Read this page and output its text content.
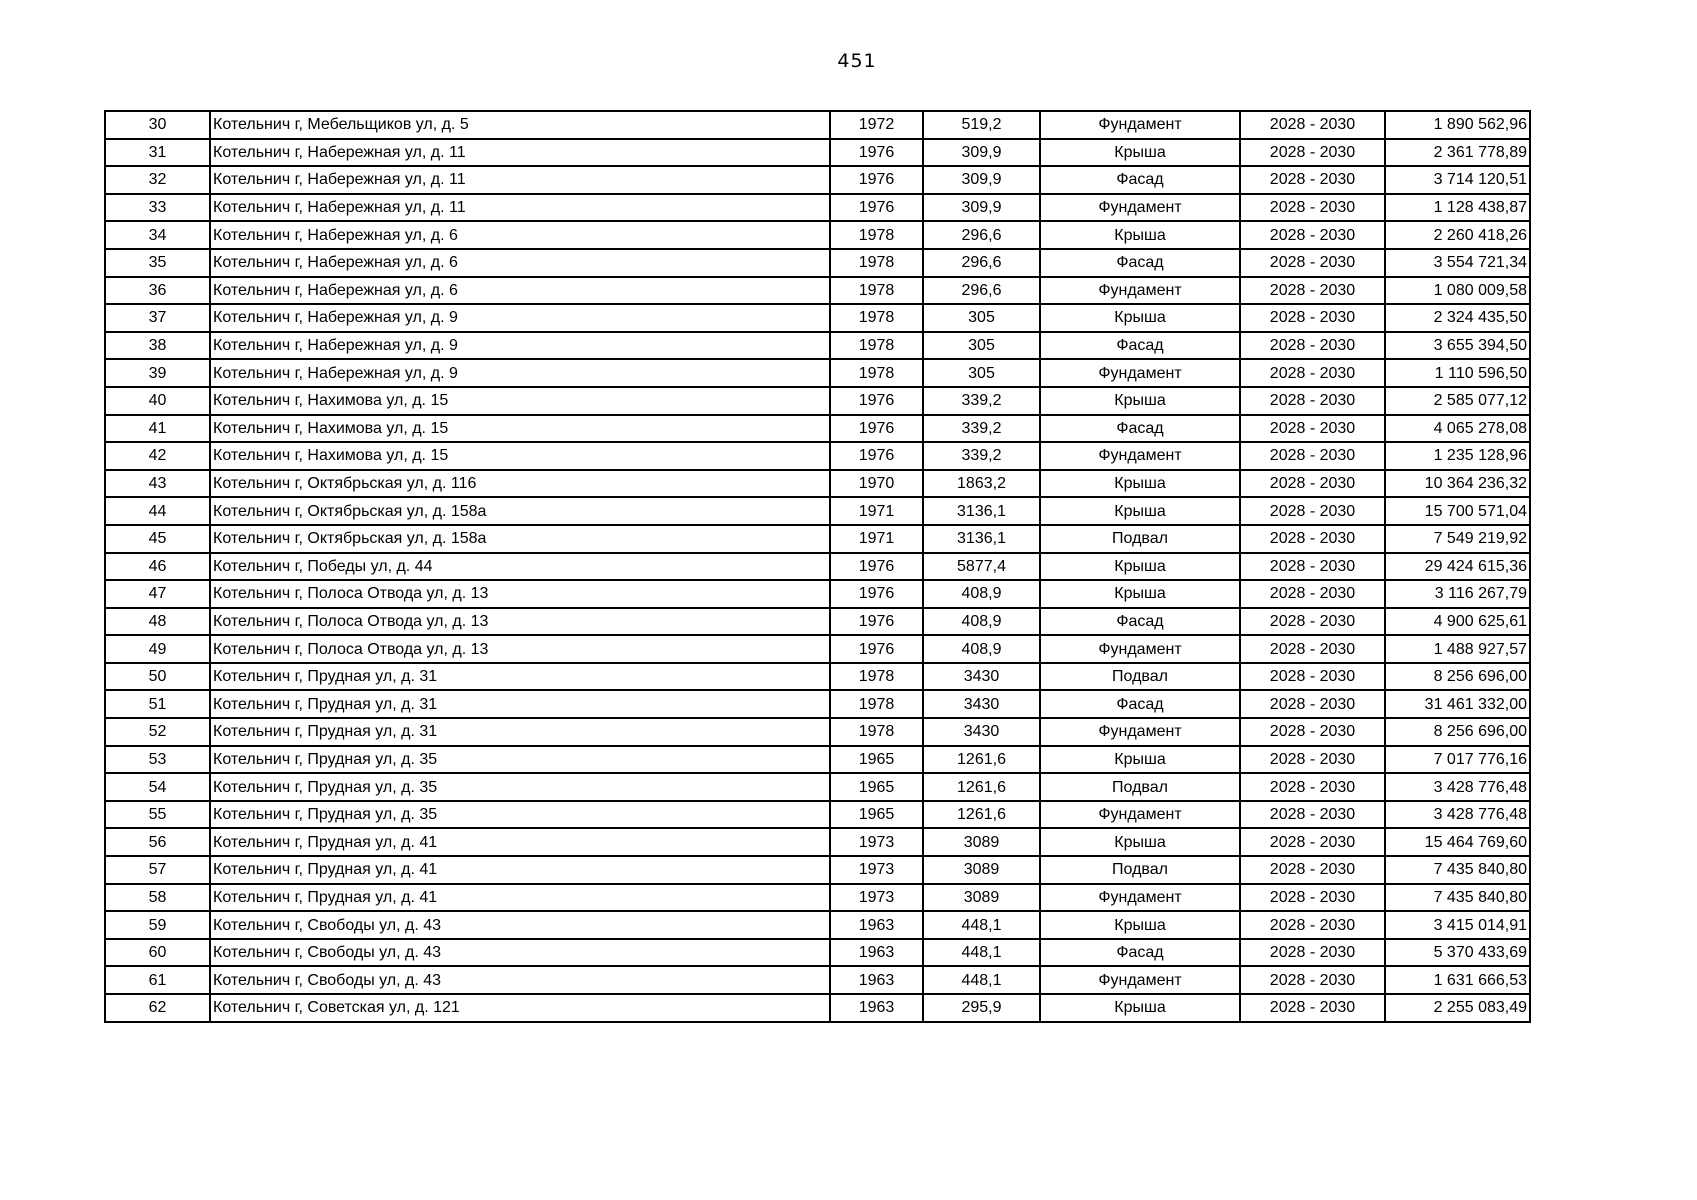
451
30	Котельнич г, Мебельщиков ул, д. 5	1972	519,2	Фундамент	2028 - 2030	1 890 562,96
31	Котельнич г, Набережная ул, д. 11	1976	309,9	Крыша	2028 - 2030	2 361 778,89
32	Котельнич г, Набережная ул, д. 11	1976	309,9	Фасад	2028 - 2030	3 714 120,51
33	Котельнич г, Набережная ул, д. 11	1976	309,9	Фундамент	2028 - 2030	1 128 438,87
34	Котельнич г, Набережная ул, д. 6	1978	296,6	Крыша	2028 - 2030	2 260 418,26
35	Котельнич г, Набережная ул, д. 6	1978	296,6	Фасад	2028 - 2030	3 554 721,34
36	Котельнич г, Набережная ул, д. 6	1978	296,6	Фундамент	2028 - 2030	1 080 009,58
37	Котельнич г, Набережная ул, д. 9	1978	305	Крыша	2028 - 2030	2 324 435,50
38	Котельнич г, Набережная ул, д. 9	1978	305	Фасад	2028 - 2030	3 655 394,50
39	Котельнич г, Набережная ул, д. 9	1978	305	Фундамент	2028 - 2030	1 110 596,50
40	Котельнич г, Нахимова ул, д. 15	1976	339,2	Крыша	2028 - 2030	2 585 077,12
41	Котельнич г, Нахимова ул, д. 15	1976	339,2	Фасад	2028 - 2030	4 065 278,08
42	Котельнич г, Нахимова ул, д. 15	1976	339,2	Фундамент	2028 - 2030	1 235 128,96
43	Котельнич г, Октябрьская ул, д. 116	1970	1863,2	Крыша	2028 - 2030	10 364 236,32
44	Котельнич г, Октябрьская ул, д. 158а	1971	3136,1	Крыша	2028 - 2030	15 700 571,04
45	Котельнич г, Октябрьская ул, д. 158а	1971	3136,1	Подвал	2028 - 2030	7 549 219,92
46	Котельнич г, Победы ул, д. 44	1976	5877,4	Крыша	2028 - 2030	29 424 615,36
47	Котельнич г, Полоса Отвода ул, д. 13	1976	408,9	Крыша	2028 - 2030	3 116 267,79
48	Котельнич г, Полоса Отвода ул, д. 13	1976	408,9	Фасад	2028 - 2030	4 900 625,61
49	Котельнич г, Полоса Отвода ул, д. 13	1976	408,9	Фундамент	2028 - 2030	1 488 927,57
50	Котельнич г, Прудная ул, д. 31	1978	3430	Подвал	2028 - 2030	8 256 696,00
51	Котельнич г, Прудная ул, д. 31	1978	3430	Фасад	2028 - 2030	31 461 332,00
52	Котельнич г, Прудная ул, д. 31	1978	3430	Фундамент	2028 - 2030	8 256 696,00
53	Котельнич г, Прудная ул, д. 35	1965	1261,6	Крыша	2028 - 2030	7 017 776,16
54	Котельнич г, Прудная ул, д. 35	1965	1261,6	Подвал	2028 - 2030	3 428 776,48
55	Котельнич г, Прудная ул, д. 35	1965	1261,6	Фундамент	2028 - 2030	3 428 776,48
56	Котельнич г, Прудная ул, д. 41	1973	3089	Крыша	2028 - 2030	15 464 769,60
57	Котельнич г, Прудная ул, д. 41	1973	3089	Подвал	2028 - 2030	7 435 840,80
58	Котельнич г, Прудная ул, д. 41	1973	3089	Фундамент	2028 - 2030	7 435 840,80
59	Котельнич г, Свободы ул, д. 43	1963	448,1	Крыша	2028 - 2030	3 415 014,91
60	Котельнич г, Свободы ул, д. 43	1963	448,1	Фасад	2028 - 2030	5 370 433,69
61	Котельнич г, Свободы ул, д. 43	1963	448,1	Фундамент	2028 - 2030	1 631 666,53
62	Котельнич г, Советская ул, д. 121	1963	295,9	Крыша	2028 - 2030	2 255 083,49
